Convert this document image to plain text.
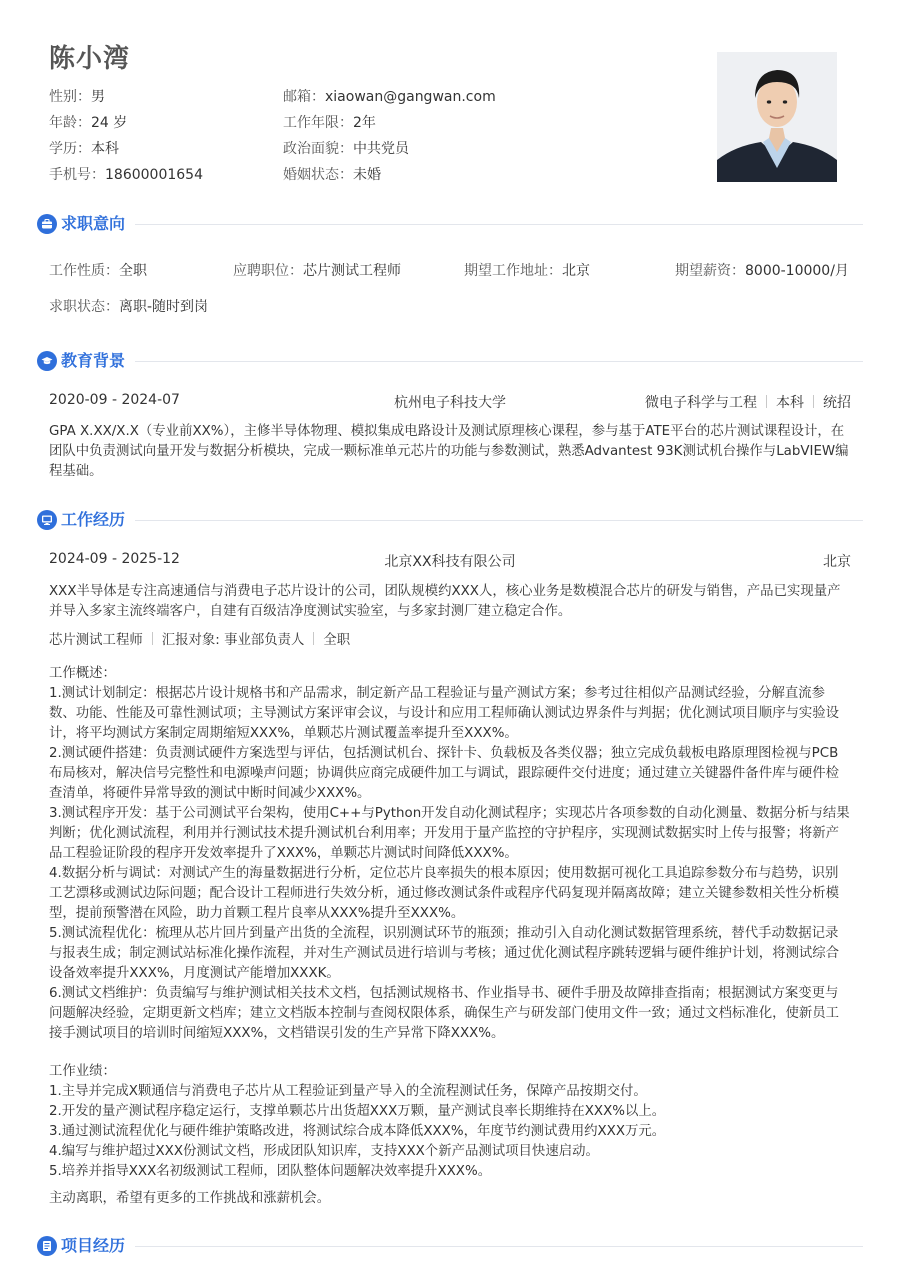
陈小湾
性别：男	邮箱：xiaowan@gangwan.com
年龄：24 岁	工作年限：2年
学历：本科	政治面貌：中共党员
手机号：18600001654	婚姻状态：未婚
求职意向
工作性质：全职	应聘职位：芯片测试工程师	期望工作地址：北京	期望薪资：8000-10000/月
求职状态：离职-随时到岗
教育背景
2020-09 - 2024-07	杭州电子科技大学	微电子科学与工程 本科 统招
GPA X.XX/X.X（专业前XX%），主修半导体物理、模拟集成电路设计及测试原理核心课程，参与基于ATE平台的芯片测试课程设计，在团队中负责测试向量开发与数据分析模块，完成一颗标准单元芯片的功能与参数测试，熟悉Advantest 93K测试机台操作与LabVIEW编程基础。
工作经历
2024-09 - 2025-12	北京XX科技有限公司	北京
XXX半导体是专注高速通信与消费电子芯片设计的公司，团队规模约XXX人，核心业务是数模混合芯片的研发与销售，产品已实现量产并导入多家主流终端客户，自建有百级洁净度测试实验室，与多家封测厂建立稳定合作。
芯片测试工程师 汇报对象: 事业部负责人 全职

工作概述：

1.测试计划制定：根据芯片设计规格书和产品需求，制定新产品工程验证与量产测试方案；参考过往相似产品测试经验，分解直流参数、功能、性能及可靠性测试项；主导测试方案评审会议，与设计和应用工程师确认测试边界条件与判据；优化测试项目顺序与实验设计，将平均测试方案制定周期缩短XXX%，单颗芯片测试覆盖率提升至XXX%。

2.测试硬件搭建：负责测试硬件方案选型与评估，包括测试机台、探针卡、负载板及各类仪器；独立完成负载板电路原理图检视与PCB布局核对，解决信号完整性和电源噪声问题；协调供应商完成硬件加工与调试，跟踪硬件交付进度；通过建立关键器件备件库与硬件检查清单，将硬件异常导致的测试中断时间减少XXX%。

3.测试程序开发：基于公司测试平台架构，使用C++与Python开发自动化测试程序；实现芯片各项参数的自动化测量、数据分析与结果判断；优化测试流程，利用并行测试技术提升测试机台利用率；开发用于量产监控的守护程序，实现测试数据实时上传与报警；将新产品工程验证阶段的程序开发效率提升了XXX%，单颗芯片测试时间降低XXX%。

4.数据分析与调试：对测试产生的海量数据进行分析，定位芯片良率损失的根本原因；使用数据可视化工具追踪参数分布与趋势，识别工艺漂移或测试边际问题；配合设计工程师进行失效分析，通过修改测试条件或程序代码复现并隔离故障；建立关键参数相关性分析模型，提前预警潜在风险，助力首颗工程片良率从XXX%提升至XXX%。

5.测试流程优化：梳理从芯片回片到量产出货的全流程，识别测试环节的瓶颈；推动引入自动化测试数据管理系统，替代手动数据记录与报表生成；制定测试站标准化操作流程，并对生产测试员进行培训与考核；通过优化测试程序跳转逻辑与硬件维护计划，将测试综合设备效率提升XXX%，月度测试产能增加XXXK。

6.测试文档维护：负责编写与维护测试相关技术文档，包括测试规格书、作业指导书、硬件手册及故障排查指南；根据测试方案变更与问题解决经验，定期更新文档库；建立文档版本控制与查阅权限体系，确保生产与研发部门使用文件一致；通过文档标准化，使新员工接手测试项目的培训时间缩短XXX%，文档错误引发的生产异常下降XXX%。

工作业绩：

1.主导并完成X颗通信与消费电子芯片从工程验证到量产导入的全流程测试任务，保障产品按期交付。

2.开发的量产测试程序稳定运行，支撑单颗芯片出货超XXX万颗，量产测试良率长期维持在XXX%以上。

3.通过测试流程优化与硬件维护策略改进，将测试综合成本降低XXX%，年度节约测试费用约XXX万元。

4.编写与维护超过XXX份测试文档，形成团队知识库，支持XXX个新产品测试项目快速启动。

5.培养并指导XXX名初级测试工程师，团队整体问题解决效率提升XXX%。

主动离职，希望有更多的工作挑战和涨薪机会。
项目经历
